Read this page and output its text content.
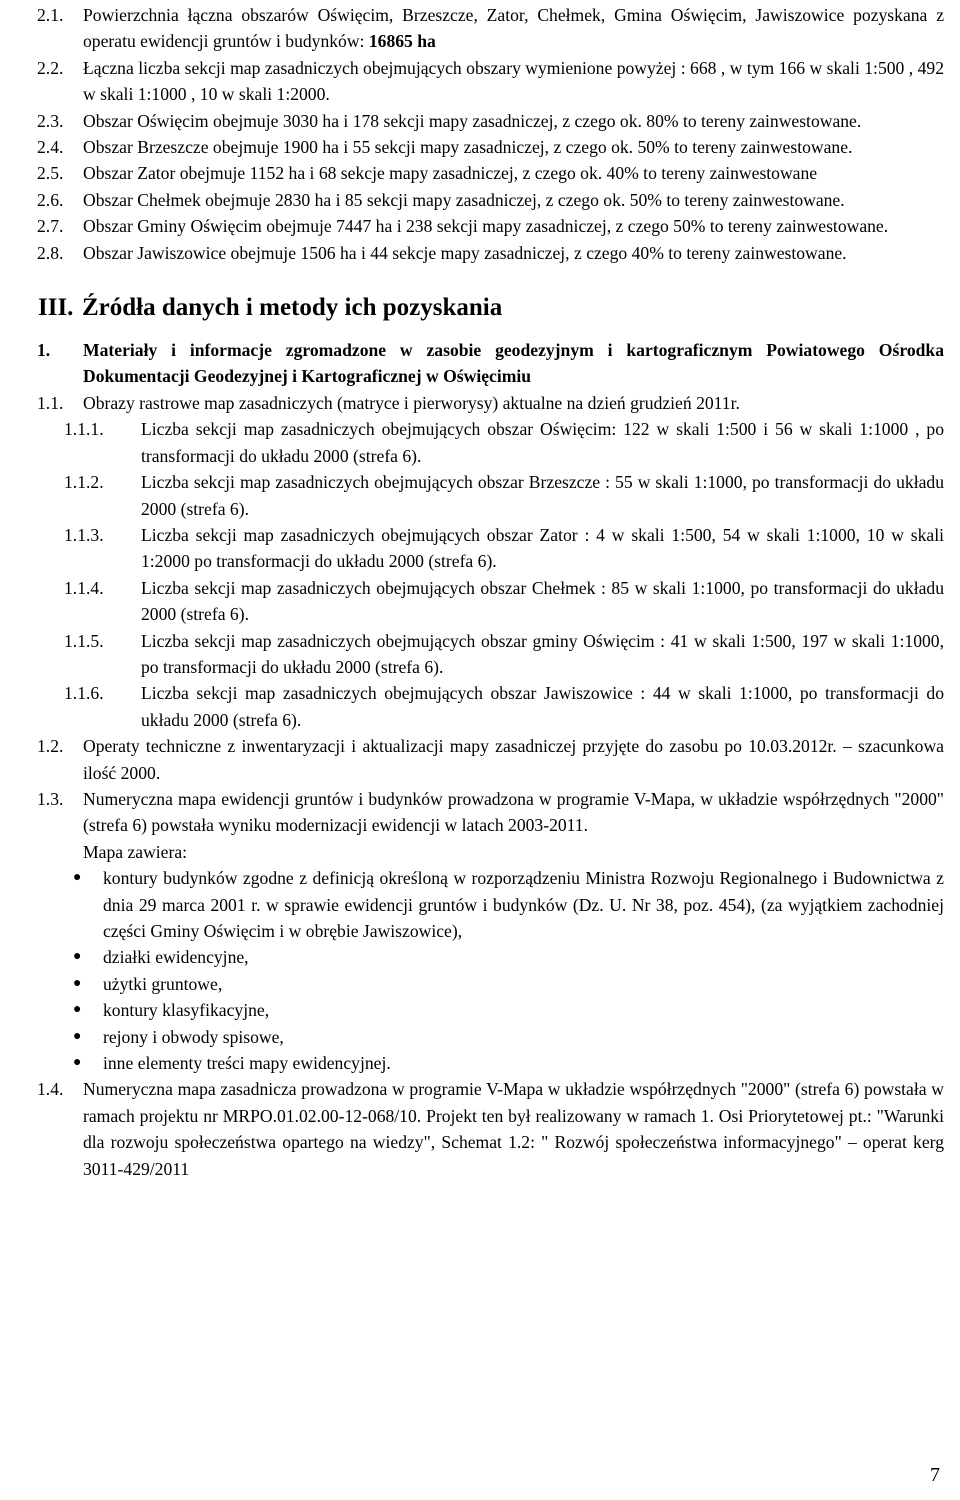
2.1.	Powierzchnia łączna obszarów Oświęcim, Brzeszcze, Zator, Chełmek, Gmina Oświęcim, Jawiszowice pozyskana z operatu ewidencji gruntów i budynków: 16865 ha
2.2.	Łączna liczba sekcji map zasadniczych obejmujących obszary wymienione powyżej : 668 , w tym 166 w skali 1:500 , 492 w skali 1:1000 , 10 w skali 1:2000.
2.3.	Obszar Oświęcim obejmuje 3030 ha i 178 sekcji mapy zasadniczej, z czego ok. 80% to tereny zainwestowane.
2.4.	Obszar Brzeszcze obejmuje 1900 ha i 55 sekcji mapy zasadniczej, z czego ok. 50% to tereny zainwestowane.
2.5.	Obszar Zator obejmuje 1152 ha i 68 sekcje mapy zasadniczej, z czego ok. 40% to tereny zainwestowane
2.6.	Obszar Chełmek obejmuje 2830 ha i 85 sekcji mapy zasadniczej, z czego ok. 50% to tereny zainwestowane.
2.7.	Obszar Gminy Oświęcim obejmuje 7447 ha i 238 sekcji mapy zasadniczej, z czego 50% to tereny zainwestowane.
2.8.	Obszar Jawiszowice obejmuje 1506 ha i 44 sekcje mapy zasadniczej, z czego 40% to tereny zainwestowane.
III. Źródła danych i metody ich pozyskania
1.	Materiały i informacje zgromadzone w zasobie geodezyjnym i kartograficznym Powiatowego Ośrodka Dokumentacji Geodezyjnej i Kartograficznej w Oświęcimiu
1.1.	Obrazy rastrowe map zasadniczych (matryce i pierworysy) aktualne na dzień grudzień 2011r.
1.1.1.	Liczba sekcji map zasadniczych obejmujących obszar Oświęcim: 122 w skali 1:500 i 56 w skali 1:1000 , po transformacji do układu 2000 (strefa 6).
1.1.2.	Liczba sekcji map zasadniczych obejmujących obszar Brzeszcze : 55 w skali 1:1000, po transformacji do układu 2000 (strefa 6).
1.1.3.	Liczba sekcji map zasadniczych obejmujących obszar Zator : 4 w skali 1:500, 54 w skali 1:1000, 10 w skali 1:2000 po transformacji do układu 2000 (strefa 6).
1.1.4.	Liczba sekcji map zasadniczych obejmujących obszar Chełmek : 85 w skali 1:1000, po transformacji do układu 2000 (strefa 6).
1.1.5.	Liczba sekcji map zasadniczych obejmujących obszar gminy Oświęcim : 41 w skali 1:500, 197 w skali 1:1000, po transformacji do układu 2000 (strefa 6).
1.1.6.	Liczba sekcji map zasadniczych obejmujących obszar Jawiszowice : 44 w skali 1:1000, po transformacji do układu 2000 (strefa 6).
1.2.	Operaty techniczne z inwentaryzacji i aktualizacji mapy zasadniczej przyjęte do zasobu po 10.03.2012r. – szacunkowa ilość 2000.
1.3.	Numeryczna mapa ewidencji gruntów i budynków prowadzona w programie V-Mapa, w układzie współrzędnych "2000" (strefa 6) powstała wyniku modernizacji ewidencji w latach 2003-2011.
Mapa zawiera:
●	kontury budynków zgodne z definicją określoną w rozporządzeniu Ministra Rozwoju Regionalnego i Budownictwa z dnia 29 marca 2001 r. w sprawie ewidencji gruntów i budynków (Dz. U. Nr 38, poz. 454), (za wyjątkiem zachodniej części Gminy Oświęcim i w obrębie Jawiszowice),
●	działki ewidencyjne,
●	użytki gruntowe,
●	kontury klasyfikacyjne,
●	rejony i obwody spisowe,
●	inne elementy treści mapy ewidencyjnej.
1.4.	Numeryczna mapa zasadnicza prowadzona w programie V-Mapa w układzie współrzędnych "2000" (strefa 6) powstała w ramach projektu nr MRPO.01.02.00-12-068/10. Projekt ten był realizowany w ramach 1. Osi Priorytetowej pt.: "Warunki dla rozwoju społeczeństwa opartego na wiedzy", Schemat 1.2: " Rozwój społeczeństwa informacyjnego" – operat kerg 3011-429/2011
7
